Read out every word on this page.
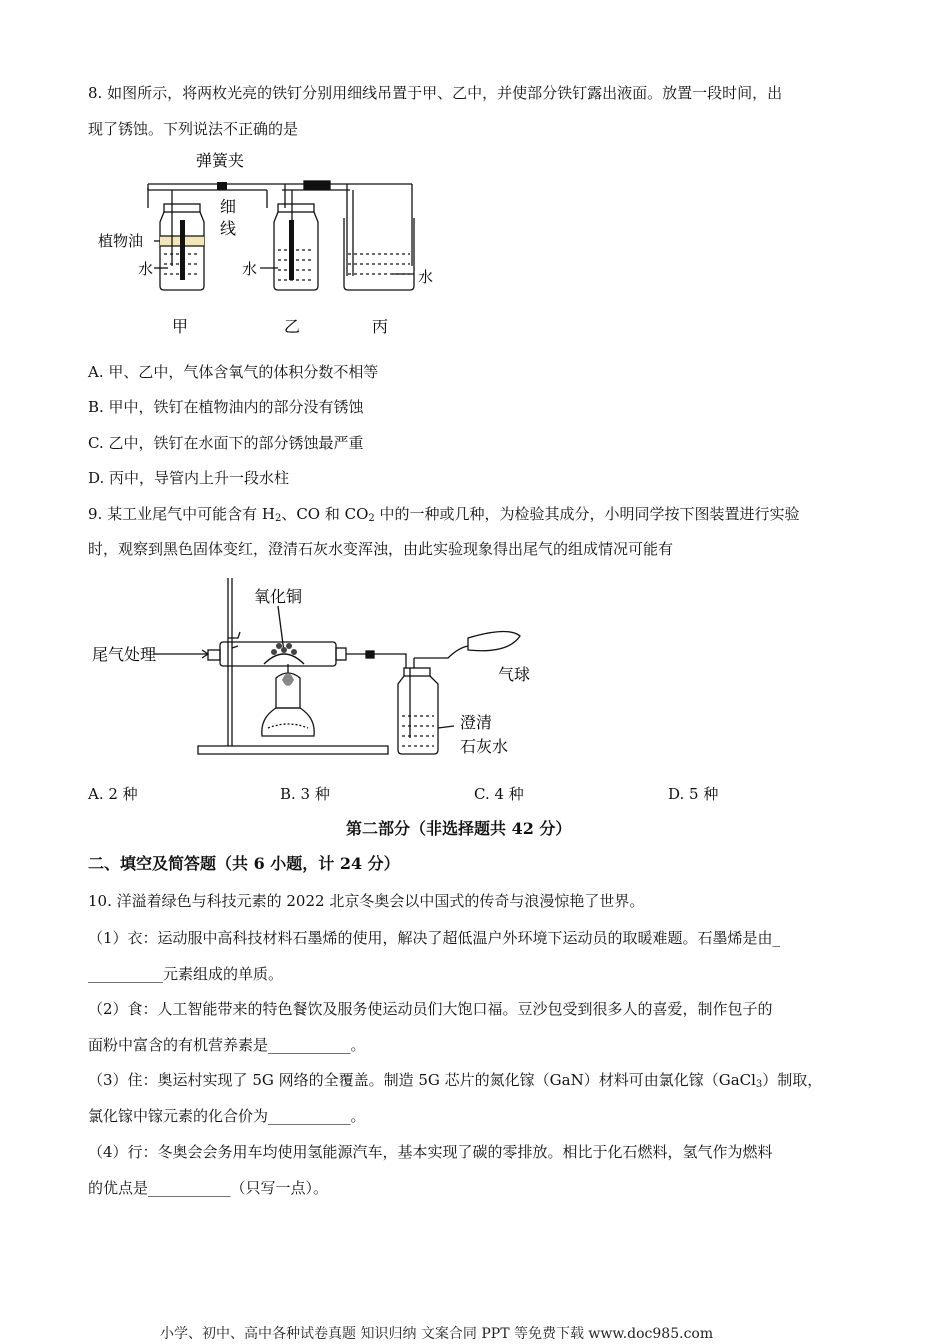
8. 如图所示，将两枚光亮的铁钉分别用细线吊置于甲、乙中，并使部分铁钉露出液面。放置一段时间，出
现了锈蚀。下列说法不正确的是
弹簧夹
细
线
植物油
水	水	水
甲	乙	丙
A. 甲、乙中，气体含氧气的体积分数不相等
B. 甲中，铁钉在植物油内的部分没有锈蚀
C. 乙中，铁钉在水面下的部分锈蚀最严重
D. 丙中，导管内上升一段水柱
9. 某工业尾气中可能含有 $H_2$、CO 和 $CO_2$ 中的一种或几种，为检验其成分，小明同学按下图装置进行实验
时，观察到黑色固体变红，澄清石灰水变浑浊，由此实验现象得出尾气的组成情况可能有
尾气处理
氧化铜
气球
澄清
石灰水
A. 2 种	B. 3 种	C. 4 种	D. 5 种
第二部分（非选择题共 42 分）
二、填空及简答题（共 6 小题，计 24 分）
10. 洋溢着绿色与科技元素的 2022 北京冬奥会以中国式的传奇与浪漫惊艳了世界。
（1）衣：运动服中高科技材料石墨烯的使用，解决了超低温户外环境下运动员的取暖难题。石墨烯是由_
__________元素组成的单质。
（2）食：人工智能带来的特色餐饮及服务使运动员们大饱口福。豆沙包受到很多人的喜爱，制作包子的
面粉中富含的有机营养素是___________。
（3）住：奥运村实现了 5G 网络的全覆盖。制造 5G 芯片的氮化镓（GaN）材料可由氯化镓（GaCl$_3$）制取，
氯化镓中镓元素的化合价为___________。
（4）行：冬奥会会务用车均使用氢能源汽车，基本实现了碳的零排放。相比于化石燃料，氢气作为燃料
的优点是___________（只写一点）。
小学、初中、高中各种试卷真题 知识归纳 文案合同 PPT 等免费下载 www.doc985.com
